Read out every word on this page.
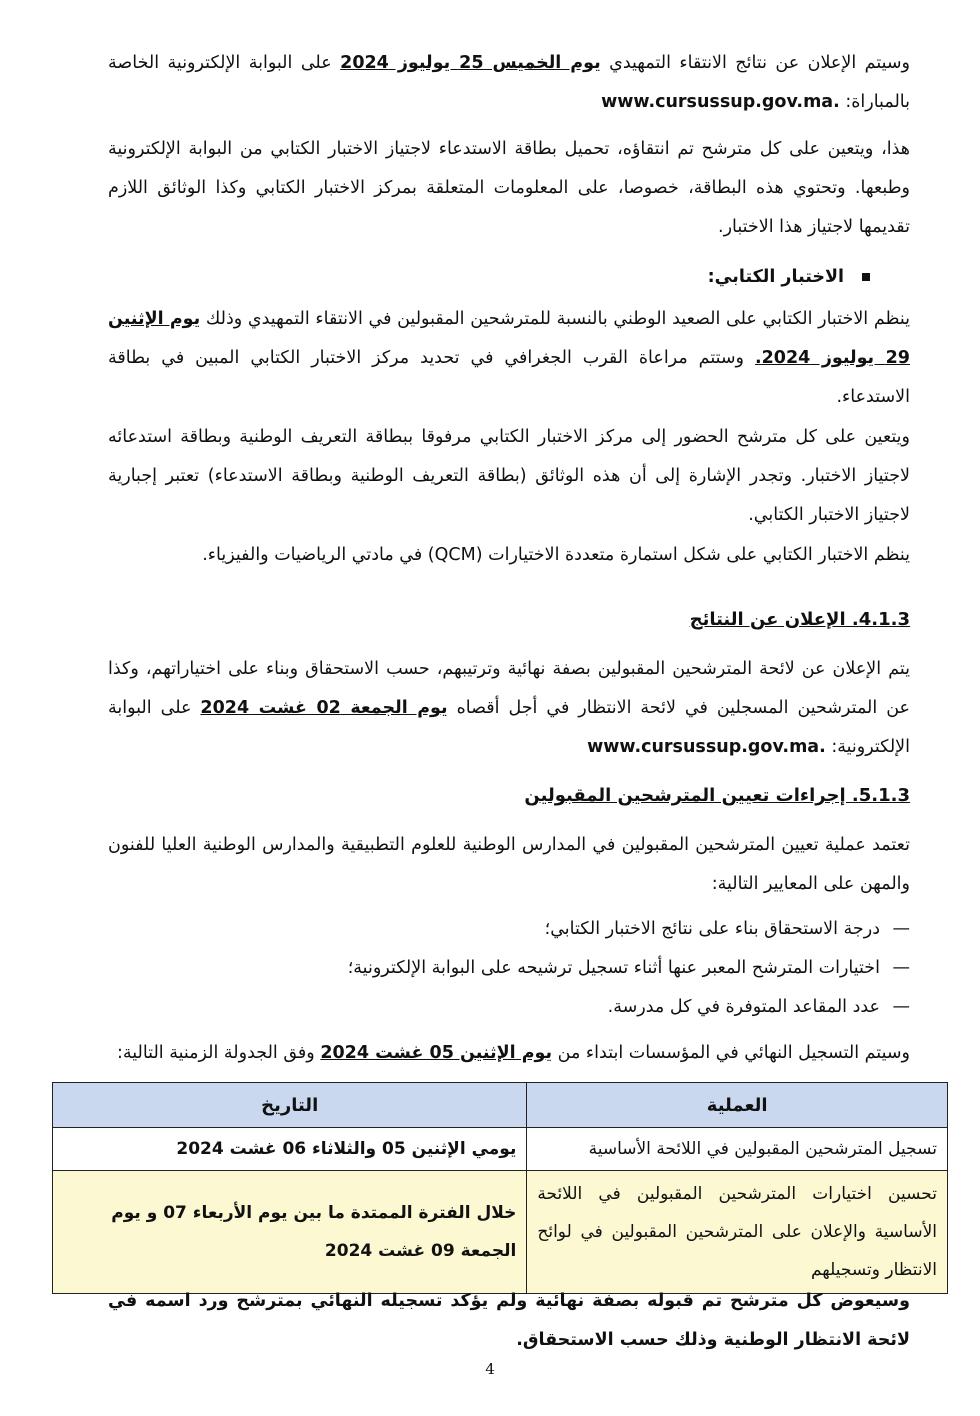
وسيتم الإعلان عن نتائج الانتقاء التمهيدي يوم الخميس 25 يوليوز 2024 على البوابة الإلكترونية الخاصة بالمباراة: www.cursussup.gov.ma.

هذا، ويتعين على كل مترشح تم انتقاؤه، تحميل بطاقة الاستدعاء لاجتياز الاختبار الكتابي من البوابة الإلكترونية وطبعها. وتحتوي هذه البطاقة، خصوصا، على المعلومات المتعلقة بمركز الاختبار الكتابي وكذا الوثائق اللازم تقديمها لاجتياز هذا الاختبار.

الاختبار الكتابي:

ينظم الاختبار الكتابي على الصعيد الوطني بالنسبة للمترشحين المقبولين في الانتقاء التمهيدي وذلك يوم الإثنين 29 يوليوز 2024. وستتم مراعاة القرب الجغرافي في تحديد مركز الاختبار الكتابي المبين في بطاقة الاستدعاء.

ويتعين على كل مترشح الحضور إلى مركز الاختبار الكتابي مرفوقا ببطاقة التعريف الوطنية وبطاقة استدعائه لاجتياز الاختبار. وتجدر الإشارة إلى أن هذه الوثائق (بطاقة التعريف الوطنية وبطاقة الاستدعاء) تعتبر إجبارية لاجتياز الاختبار الكتابي.

ينظم الاختبار الكتابي على شكل استمارة متعددة الاختيارات (QCM) في مادتي الرياضيات والفيزياء.

4.1.3. الإعلان عن النتائج

يتم الإعلان عن لائحة المترشحين المقبولين بصفة نهائية وترتيبهم، حسب الاستحقاق وبناء على اختياراتهم، وكذا عن المترشحين المسجلين في لائحة الانتظار في أجل أقصاه يوم الجمعة 02 غشت 2024 على البوابة الإلكترونية: www.cursussup.gov.ma.

5.1.3. إجراءات تعيين المترشحين المقبولين

تعتمد عملية تعيين المترشحين المقبولين في المدارس الوطنية للعلوم التطبيقية والمدارس الوطنية العليا للفنون والمهن على المعايير التالية:

—
درجة الاستحقاق بناء على نتائج الاختبار الكتابي؛
—
اختيارات المترشح المعبر عنها أثناء تسجيل ترشيحه على البوابة الإلكترونية؛
—
عدد المقاعد المتوفرة في كل مدرسة.

وسيتم التسجيل النهائي في المؤسسات ابتداء من يوم الإثنين 05 غشت 2024 وفق الجدولة الزمنية التالية:

العملية	التاريخ
تسجيل المترشحين المقبولين في اللائحة الأساسية	يومي الإثنين 05 والثلاثاء 06 غشت 2024
تحسين اختيارات المترشحين المقبولين في اللائحة الأساسية والإعلان على المترشحين المقبولين في لوائح الانتظار وتسجيلهم	خلال الفترة الممتدة ما بين يوم الأربعاء 07 و يوم الجمعة 09 غشت 2024

وسيعوض كل مترشح تم قبوله بصفة نهائية ولم يؤكد تسجيله النهائي بمترشح ورد اسمه في لائحة الانتظار الوطنية وذلك حسب الاستحقاق.

4
